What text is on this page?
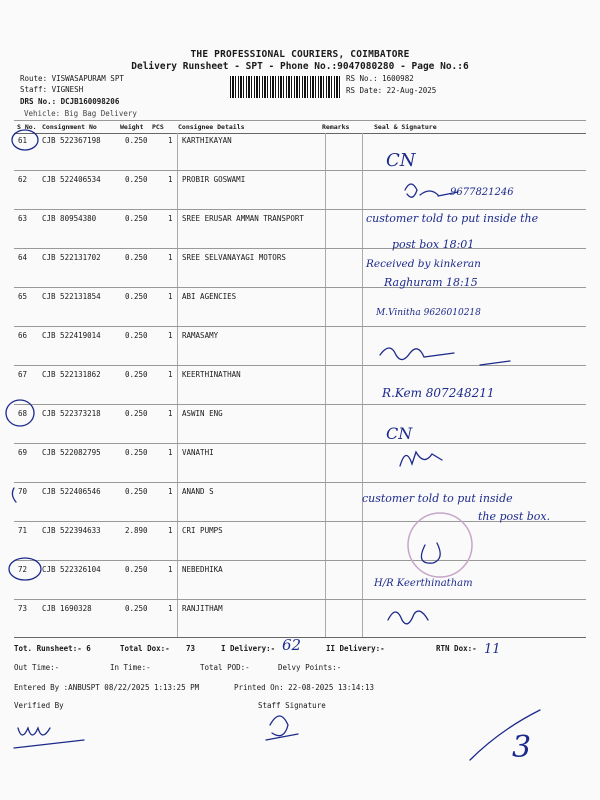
THE PROFESSIONAL COURIERS, COIMBATORE
Delivery Runsheet - SPT - Phone No.:9047080280 - Page No.:6
Route: VISWASAPURAM SPT
Staff: VIGNESH
DRS No.: DCJB160098206
Vehicle: Big Bag Delivery
RS No.: 1600982
RS Date: 22-Aug-2025
S No. Consignment No	Weight PCS Consignee Details	Remarks	Seal & Signature
61 CJB 522367198	0.250	1 KARTHIKAYAN
62 CJB 522406534	0.250	1 PROBIR GOSWAMI
63 CJB 80954380	0.250	1 SREE ERUSAR AMMAN TRANSPORT
64 CJB 522131702	0.250	1 SREE SELVANAYAGI MOTORS
65 CJB 522131854	0.250	1 ABI AGENCIES
66 CJB 522419014	0.250	1 RAMASAMY
67 CJB 522131862	0.250	1 KEERTHINATHAN
68 CJB 522373218	0.250	1 ASWIN ENG
69 CJB 522082795	0.250	1 VANATHI
70 CJB 522406546	0.250	1 ANAND S
71 CJB 522394633	2.890	1 CRI PUMPS
72 CJB 522326104	0.250	1 NEBEDHIKA
73 CJB 1690328	0.250	1 RANJITHAM
CN
9677821246
customer told to put inside the
post box 18:01
Received by kinkeran
Raghuram 18:15
M.Vinitha 9626010218
R.Kem 807248211
CN
customer told to put inside
the post box.
H/R Keerthinatham
Tot. Runsheet:- 6	Total Dox:- 73	I Delivery:- 62	II Delivery:-	RTN Dox:- 11
Out Time:-	In Time:-	Total POD:-	Delvy Points:-
Entered By :ANBUSPT 08/22/2025 1:13:25 PM	Printed On: 22-08-2025 13:14:13
Verified By	Staff Signature
3
